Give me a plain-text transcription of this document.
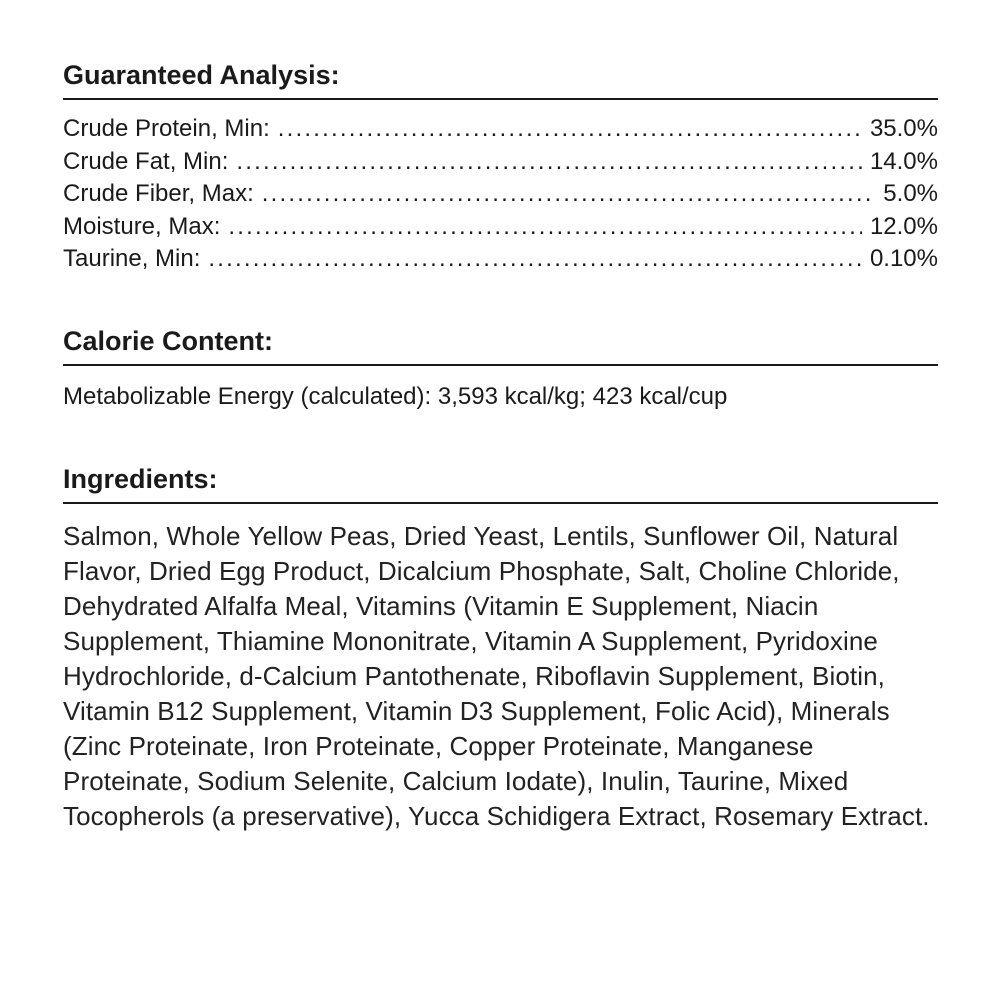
Guaranteed Analysis:
Crude Protein, Min: .....	35.0%
Crude Fat, Min: .....	14.0%
Crude Fiber, Max: .....	5.0%
Moisture, Max: .....	12.0%
Taurine, Min: .....	0.10%
Calorie Content:

Metabolizable Energy (calculated): 3,593 kcal/kg; 423 kcal/cup

Ingredients:

Salmon, Whole Yellow Peas, Dried Yeast, Lentils, Sunflower Oil, Natural Flavor, Dried Egg Product, Dicalcium Phosphate, Salt, Choline Chloride, Dehydrated Alfalfa Meal, Vitamins (Vitamin E Supplement, Niacin Supplement, Thiamine Mononitrate, Vitamin A Supplement, Pyridoxine Hydrochloride, d-Calcium Pantothenate, Riboflavin Supplement, Biotin, Vitamin B12 Supplement, Vitamin D3 Supplement, Folic Acid), Minerals (Zinc Proteinate, Iron Proteinate, Copper Proteinate, Manganese Proteinate, Sodium Selenite, Calcium Iodate), Inulin, Taurine, Mixed Tocopherols (a preservative), Yucca Schidigera Extract, Rosemary Extract.
